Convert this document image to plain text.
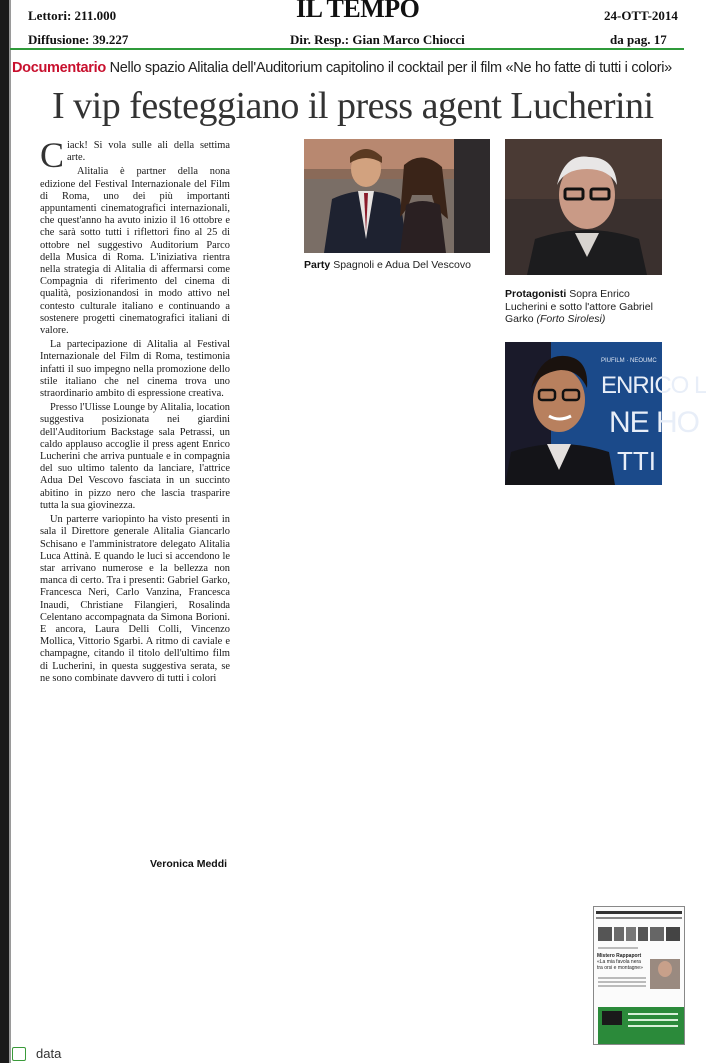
Lettori: 211.000
Diffusione: 39.227
IL TEMPO
Dir. Resp.: Gian Marco Chiocci
24-OTT-2014
da pag. 17
Documentario Nello spazio Alitalia dell'Auditorium capitolino il cocktail per il film «Ne ho fatte di tutti i colori»
I vip festeggiano il press agent Lucherini

Ciack! Si vola sulle ali della settima arte.

Alitalia è partner della nona edizione del Festival Internazionale del Film di Roma, uno dei più importanti appuntamenti cinematografici internazionali, che quest'anno ha avuto inizio il 16 ottobre e che sarà sotto tutti i riflettori fino al 25 di ottobre nel suggestivo Auditorium Parco della Musica di Roma. L'iniziativa rientra nella strategia di Alitalia di affermarsi come Compagnia di riferimento del cinema di qualità, posizionandosi in modo attivo nel contesto culturale italiano e continuando a sostenere progetti cinematografici italiani di valore.

La partecipazione di Alitalia al Festival Internazionale del Film di Roma, testimonia infatti il suo impegno nella promozione dello stile italiano che nel cinema trova uno straordinario ambito di espressione creativa.

Presso l'Ulisse Lounge by Alitalia, location suggestiva posizionata nei giardini dell'Auditorium Backstage sala Petrassi, un caldo applauso accoglie il press agent Enrico Lucherini che arriva puntuale e in compagnia del suo ultimo talento da lanciare, l'attrice Adua Del Vescovo fasciata in un succinto abitino in pizzo nero che lascia trasparire tutta la sua giovinezza.

Un parterre variopinto ha visto presenti in sala il Direttore generale Alitalia Giancarlo Schisano e l'amministratore delegato Alitalia Luca Attinà. E quando le luci si accendono le star arrivano numerose e la bellezza non manca di certo. Tra i presenti: Gabriel Garko, Francesca Neri, Carlo Vanzina, Francesca Inaudi, Christiane Filangieri, Rosalinda Celentano accompagnata da Simona Borioni. E ancora, Laura Delli Colli, Vincenzo Mollica, Vittorio Sgarbi. A ritmo di caviale e champagne, citando il titolo dell'ultimo film di Lucherini, in questa suggestiva serata, se ne sono combinate davvero di tutti i colori

Veronica Meddi
Party Spagnoli e Adua Del Vescovo
Protagonisti Sopra Enrico Lucherini e sotto l'attore Gabriel Garko (Forto Sirolesi)
PIUFILM · NEOUMC
ENRICO L
NE HO
TTI
Mistero Rappaport
«La mia favola nera
tra orsi e montagne»
data
